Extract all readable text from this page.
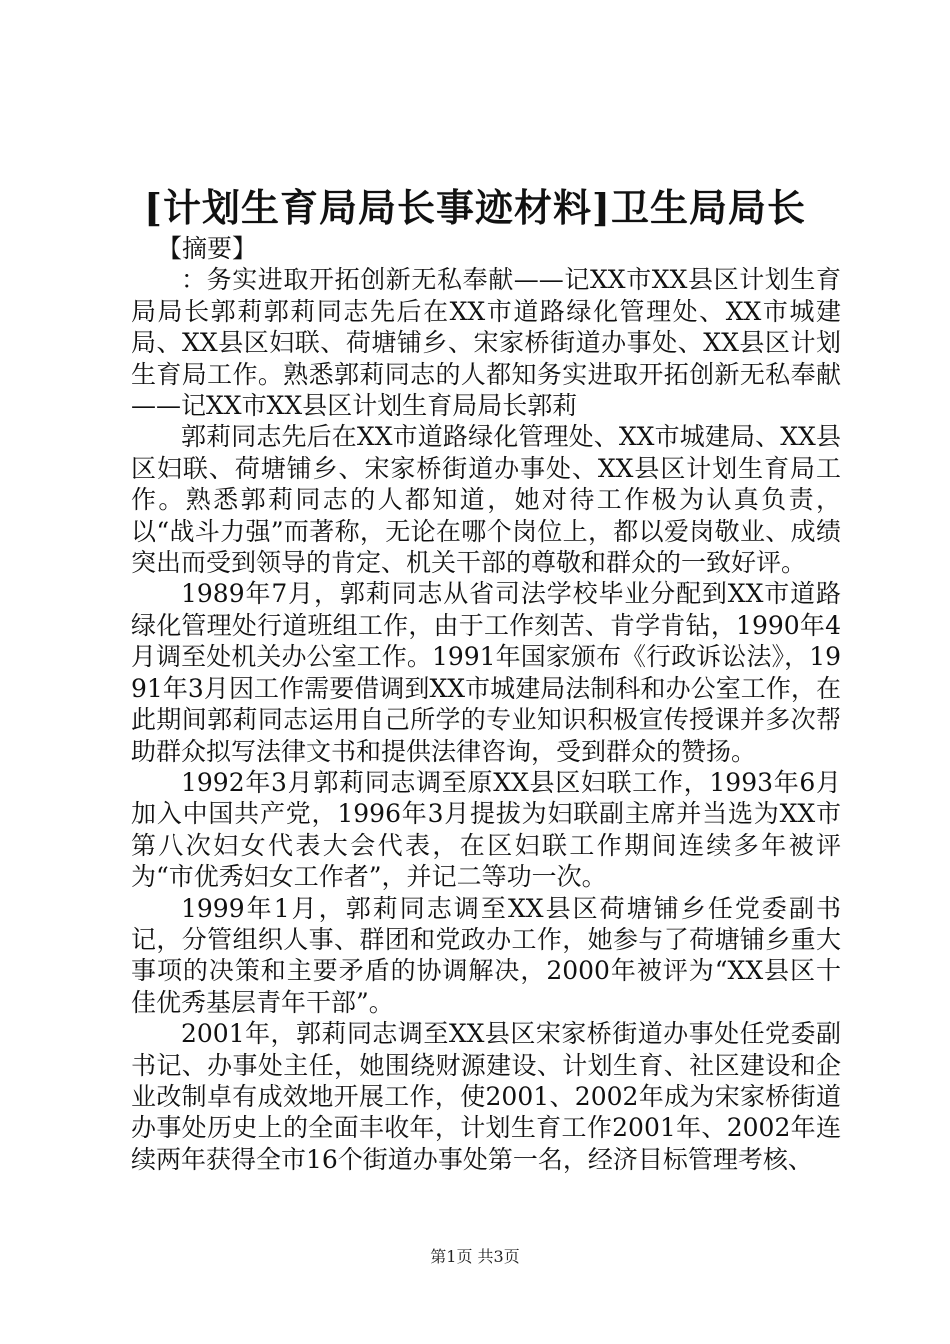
[计划生育局局长事迹材料]卫生局局长

【摘要】

：务实进取开拓创新无私奉献——记XX市XX县区计划生育局局长郭莉郭莉同志先后在XX市道路绿化管理处、XX市城建局、XX县区妇联、荷塘铺乡、宋家桥街道办事处、XX县区计划生育局工作。熟悉郭莉同志的人都知务实进取开拓创新无私奉献——记XX市XX县区计划生育局局长郭莉

郭莉同志先后在XX市道路绿化管理处、XX市城建局、XX县区妇联、荷塘铺乡、宋家桥街道办事处、XX县区计划生育局工作。熟悉郭莉同志的人都知道，她对待工作极为认真负责，以“战斗力强”而著称，无论在哪个岗位上，都以爱岗敬业、成绩突出而受到领导的肯定、机关干部的尊敬和群众的一致好评。

1989年7月，郭莉同志从省司法学校毕业分配到XX市道路绿化管理处行道班组工作，由于工作刻苦、肯学肯钻，1990年4月调至处机关办公室工作。1991年国家颁布《行政诉讼法》，1991年3月因工作需要借调到XX市城建局法制科和办公室工作，在此期间郭莉同志运用自己所学的专业知识积极宣传授课并多次帮助群众拟写法律文书和提供法律咨询，受到群众的赞扬。

1992年3月郭莉同志调至原XX县区妇联工作，1993年6月加入中国共产党，1996年3月提拔为妇联副主席并当选为XX市第八次妇女代表大会代表，在区妇联工作期间连续多年被评为“市优秀妇女工作者”，并记二等功一次。

1999年1月，郭莉同志调至XX县区荷塘铺乡任党委副书记，分管组织人事、群团和党政办工作，她参与了荷塘铺乡重大事项的决策和主要矛盾的协调解决，2000年被评为“XX县区十佳优秀基层青年干部”。

2001年，郭莉同志调至XX县区宋家桥街道办事处任党委副书记、办事处主任，她围绕财源建设、计划生育、社区建设和企业改制卓有成效地开展工作，使2001、2002年成为宋家桥街道办事处历史上的全面丰收年，计划生育工作2001年、2002年连续两年获得全市16个街道办事处第一名，经济目标管理考核、

第1页 共3页
